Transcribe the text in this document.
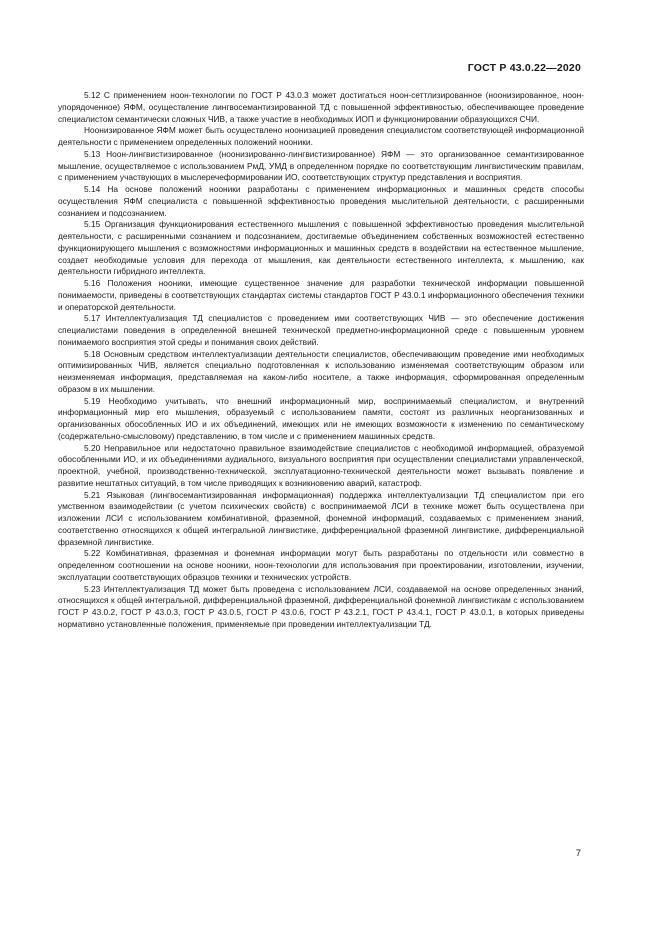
ГОСТ Р 43.0.22—2020

5.12 С применением ноон-технологии по ГОСТ Р 43.0.3 может достигаться ноон-сеттлизированное (ноонизированное, ноон-упорядоченное) ЯФМ, осуществление лингвосемантизированной ТД с повышенной эффективностью, обеспечивающее проведение специалистом семантически сложных ЧИВ, а также участие в необходимых ИОП и функционировании образующихся СЧИ.

Ноонизированное ЯФМ может быть осуществлено ноонизацией проведения специалистом соответствующей информационной деятельности с применением определенных положений нооники.

5.13 Ноон-лингвистизированное (ноонизированно-лингвистизированное) ЯФМ — это организованное семантизированное мышление, осуществляемое с использованием РмД, УМД в определенном порядке по соответствующим лингвистическим правилам, с применением участвующих в мыслеречеформировании ИО, соответствующих структур представления и восприятия.

5.14 На основе положений нооники разработаны с применением информационных и машинных средств способы осуществления ЯФМ специалиста с повышенной эффективностью проведения мыслительной деятельности, с расширенными сознанием и подсознанием.

5.15 Организация функционирования естественного мышления с повышенной эффективностью проведения мыслительной деятельности, с расширенными сознанием и подсознанием, достигаемые объединением собственных возможностей естественно функционирующего мышления с возможностями информационных и машинных средств в воздействии на естественное мышление, создает необходимые условия для перехода от мышления, как деятельности естественного интеллекта, к мышлению, как деятельности гибридного интеллекта.

5.16 Положения нооники, имеющие существенное значение для разработки технической информации повышенной понимаемости, приведены в соответствующих стандартах системы стандартов ГОСТ Р 43.0.1 информационного обеспечения техники и операторской деятельности.

5.17 Интеллектуализация ТД специалистов с проведением ими соответствующих ЧИВ — это обеспечение достижения специалистами поведения в определенной внешней технической предметно-информационной среде с повышенным уровнем понимаемого восприятия этой среды и понимания своих действий.

5.18 Основным средством интеллектуализации деятельности специалистов, обеспечивающим проведение ими необходимых оптимизированных ЧИВ, является специально подготовленная к использованию изменяемая соответствующим образом или неизменяемая информация, представляемая на каком-либо носителе, а также информация, сформированная определенным образом в их мышлении.

5.19 Необходимо учитывать, что внешний информационный мир, воспринимаемый специалистом, и внутренний информационный мир его мышления, образуемый с использованием памяти, состоят из различных неорганизованных и организованных обособленных ИО и их объединений, имеющих или не имеющих возможности к изменению по семантическому (содержательно-смысловому) представлению, в том числе и с применением машинных средств.

5.20 Неправильное или недостаточно правильное взаимодействие специалистов с необходимой информацией, образуемой обособленными ИО, и их объединениями аудиального, визуального восприятия при осуществлении специалистами управленческой, проектной, учебной, производственно-технической, эксплуатационно-технической деятельности может вызывать появление и развитие нештатных ситуаций, в том числе приводящих к возникновению аварий, катастроф.

5.21 Языковая (лингвосемантизированная информационная) поддержка интеллектуализации ТД специалистом при его умственном взаимодействии (с учетом психических свойств) с воспринимаемой ЛСИ в технике может быть осуществлена при изложении ЛСИ с использованием комбинативной, фраземной, фонемной информаций, создаваемых с применением знаний, соответственно относящихся к общей интегральной лингвистике, дифференциальной фраземной лингвистике, дифференциальной фраземной лингвистике.

5.22 Комбинативная, фраземная и фонемная информации могут быть разработаны по отдельности или совместно в определенном соотношении на основе нооники, ноон-технологии для использования при проектировании, изготовлении, изучении, эксплуатации соответствующих образцов техники и технических устройств.

5.23 Интеллектуализация ТД может быть проведена с использованием ЛСИ, создаваемой на основе определенных знаний, относящихся к общей интегральной, дифференциальной фраземной, дифференциальной фонемной лингвистикам с использованием ГОСТ Р 43.0.2, ГОСТ Р 43.0.3, ГОСТ Р 43.0.5, ГОСТ Р 43.0.6, ГОСТ Р 43.2.1, ГОСТ Р 43.4.1, ГОСТ Р 43.0.1, в которых приведены нормативно установленные положения, применяемые при проведении интеллектуализации ТД.

7
